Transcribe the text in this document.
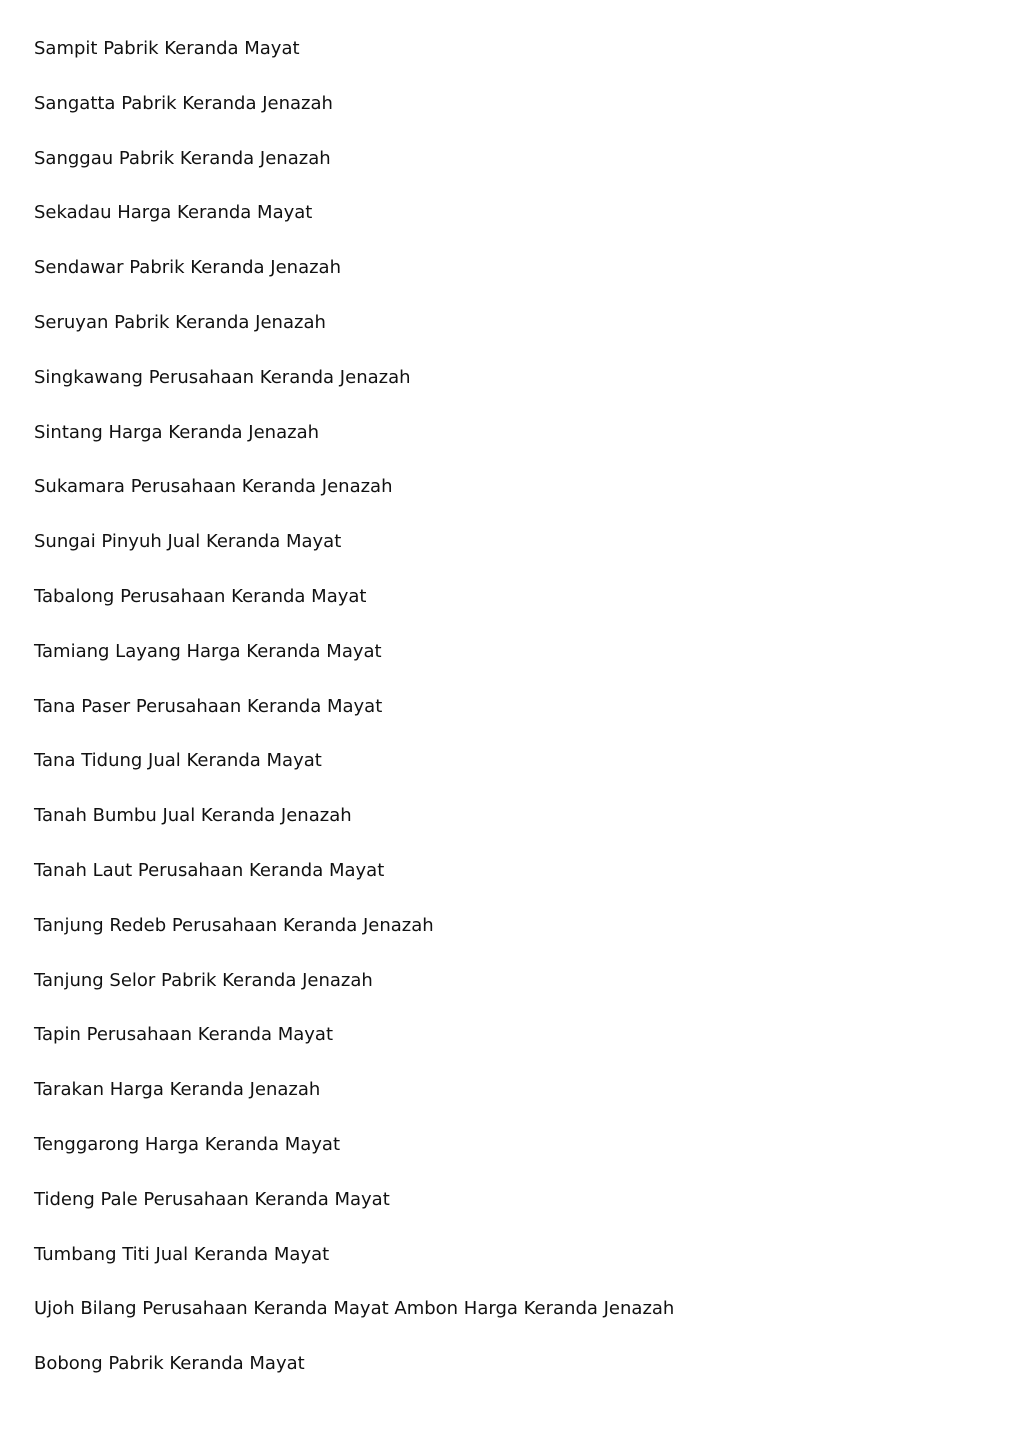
Sampit Pabrik Keranda Mayat
Sangatta Pabrik Keranda Jenazah
Sanggau Pabrik Keranda Jenazah
Sekadau Harga Keranda Mayat
Sendawar Pabrik Keranda Jenazah
Seruyan Pabrik Keranda Jenazah
Singkawang Perusahaan Keranda Jenazah
Sintang Harga Keranda Jenazah
Sukamara Perusahaan Keranda Jenazah
Sungai Pinyuh Jual Keranda Mayat
Tabalong Perusahaan Keranda Mayat
Tamiang Layang Harga Keranda Mayat
Tana Paser Perusahaan Keranda Mayat
Tana Tidung Jual Keranda Mayat
Tanah Bumbu Jual Keranda Jenazah
Tanah Laut Perusahaan Keranda Mayat
Tanjung Redeb Perusahaan Keranda Jenazah
Tanjung Selor Pabrik Keranda Jenazah
Tapin Perusahaan Keranda Mayat
Tarakan Harga Keranda Jenazah
Tenggarong Harga Keranda Mayat
Tideng Pale Perusahaan Keranda Mayat
Tumbang Titi Jual Keranda Mayat
Ujoh Bilang Perusahaan Keranda Mayat Ambon Harga Keranda Jenazah
Bobong Pabrik Keranda Mayat
